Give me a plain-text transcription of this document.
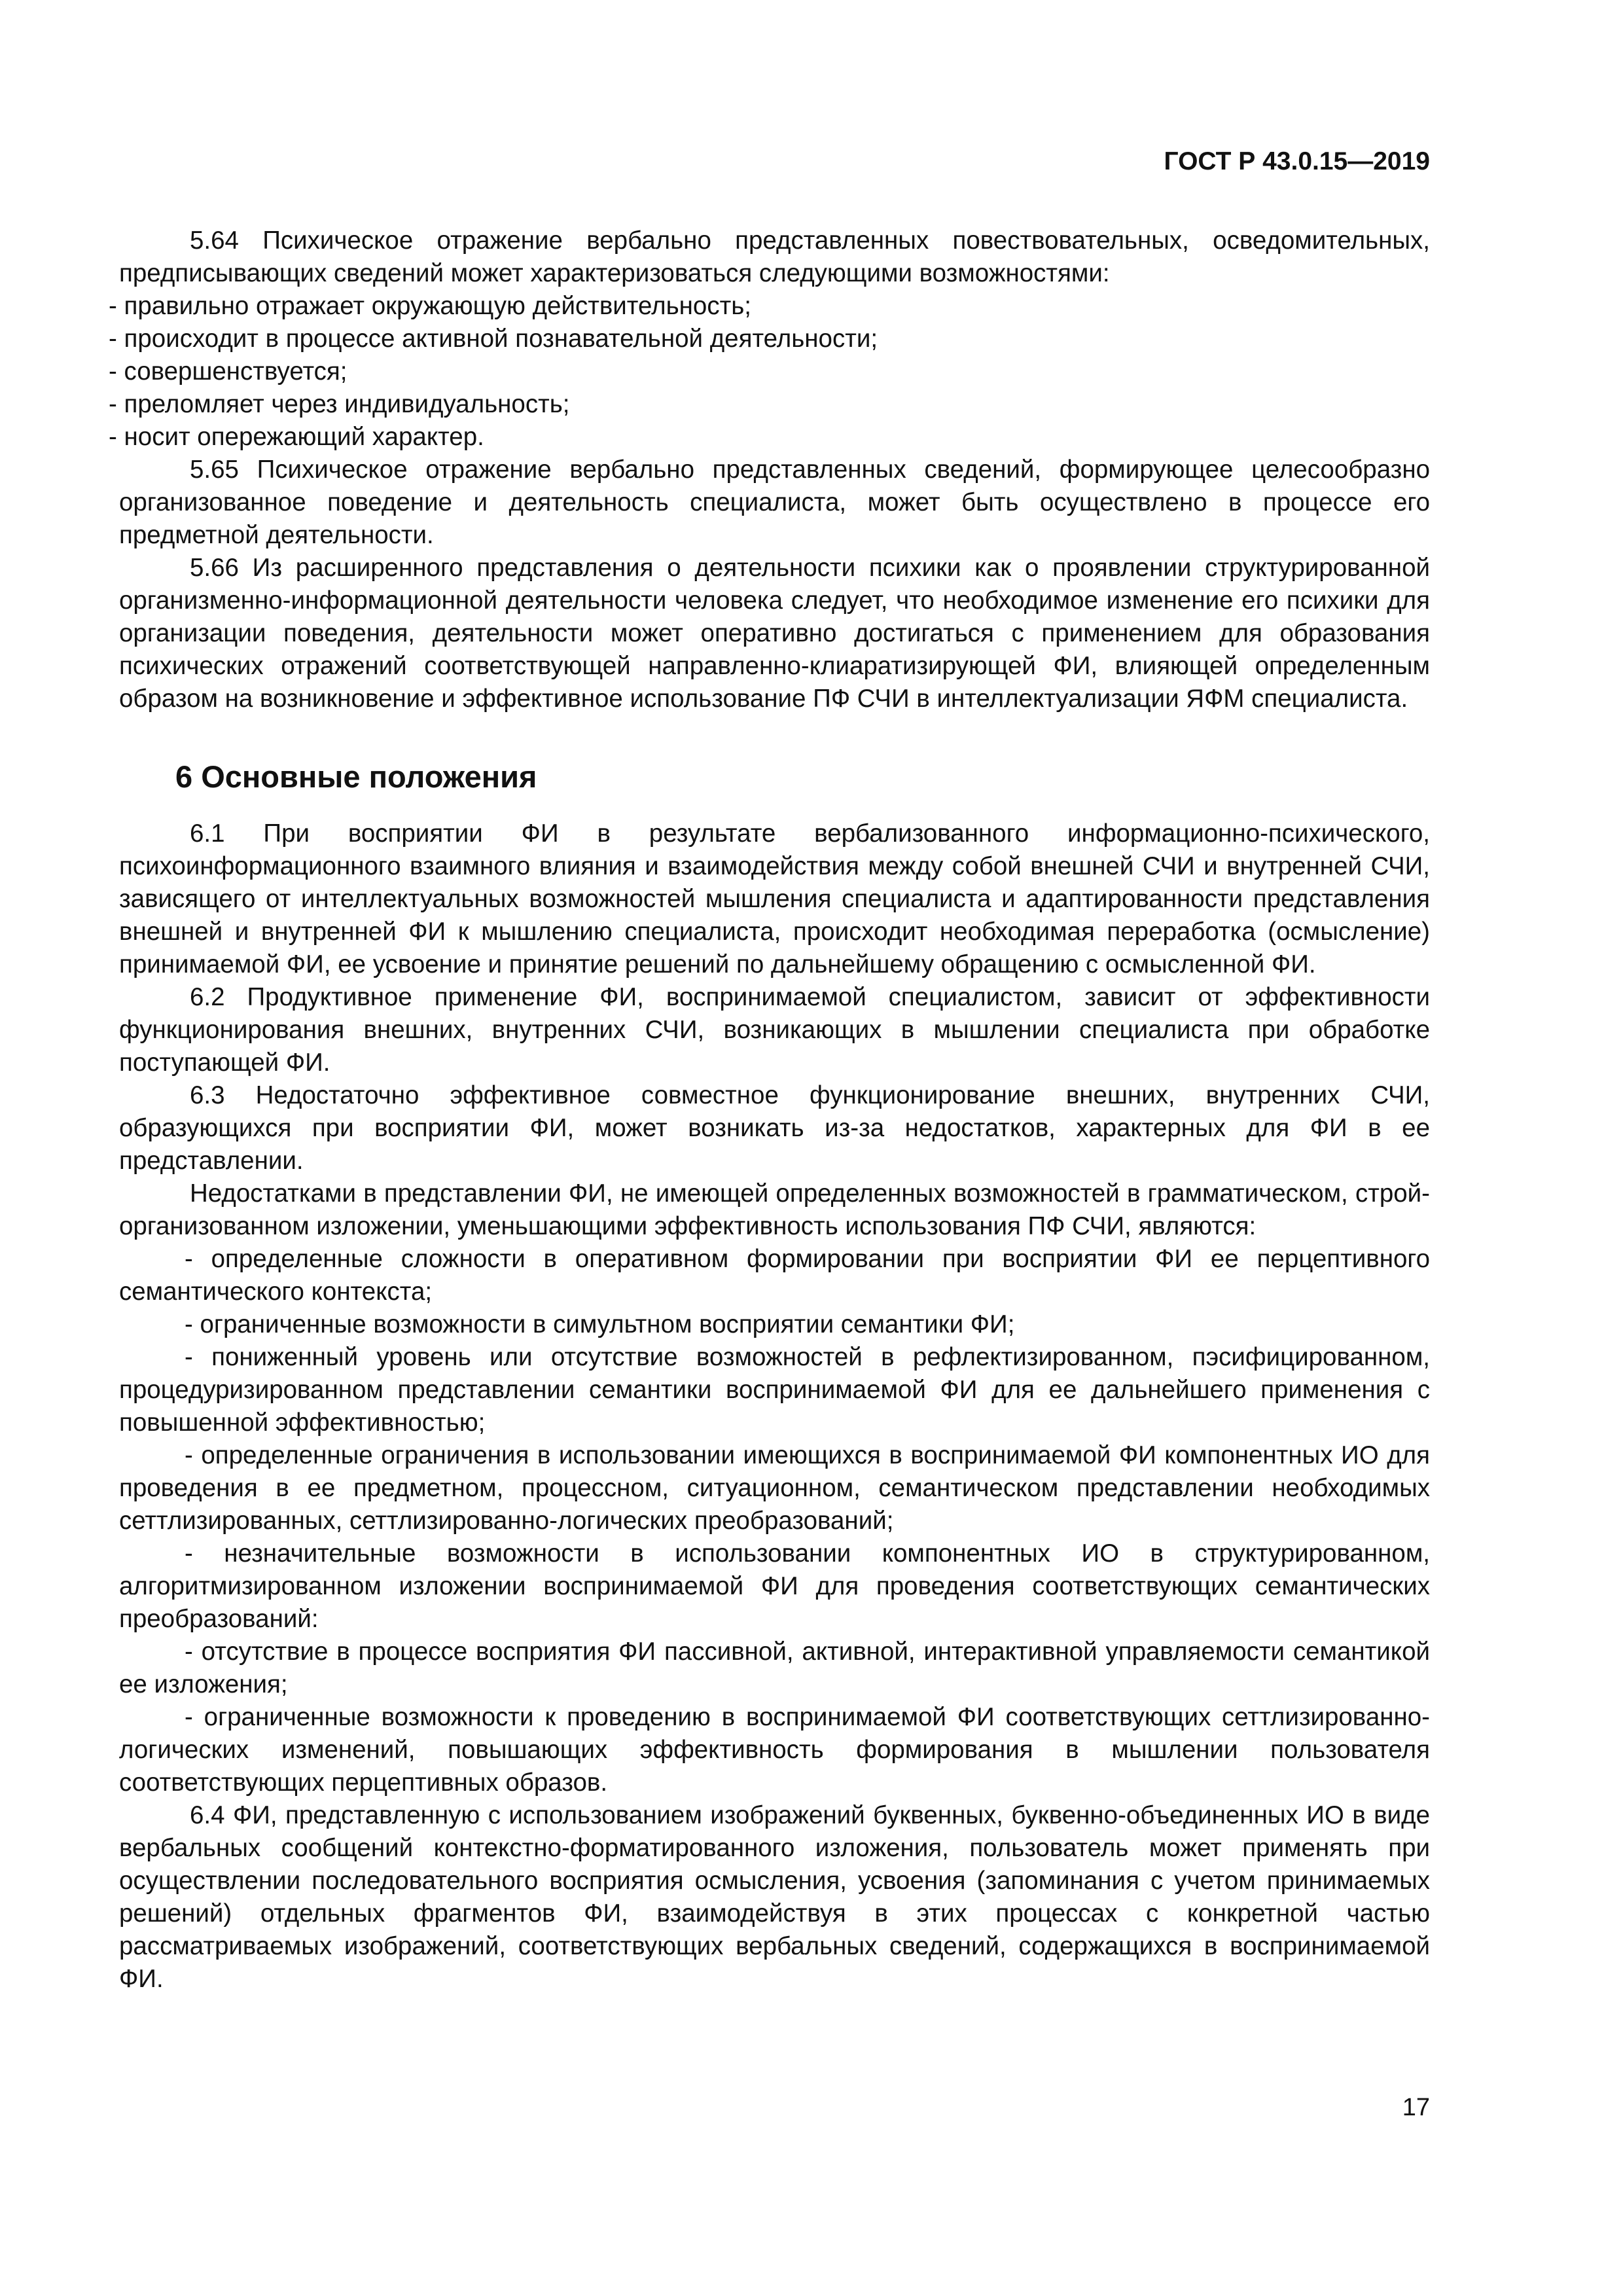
ГОСТ Р 43.0.15—2019

5.64 Психическое отражение вербально представленных повествовательных, осведомительных, предписывающих сведений может характеризоваться следующими возможностями:

- правильно отражает окружающую действительность;

- происходит в процессе активной познавательной деятельности;

- совершенствуется;

- преломляет через индивидуальность;

- носит опережающий характер.

5.65 Психическое отражение вербально представленных сведений, формирующее целесообразно организованное поведение и деятельность специалиста, может быть осуществлено в процессе его предметной деятельности.

5.66 Из расширенного представления о деятельности психики как о проявлении структурированной организменно-информационной деятельности человека следует, что необходимое изменение его психики для организации поведения, деятельности может оперативно достигаться с применением для образования психических отражений соответствующей направленно-клиаратизирующей ФИ, влияющей определенным образом на возникновение и эффективное использование ПФ СЧИ в интеллектуализации ЯФМ специалиста.

6 Основные положения

6.1 При восприятии ФИ в результате вербализованного информационно-психического, психоинформационного взаимного влияния и взаимодействия между собой внешней СЧИ и внутренней СЧИ, зависящего от интеллектуальных возможностей мышления специалиста и адаптированности представления внешней и внутренней ФИ к мышлению специалиста, происходит необходимая переработка (осмысление) принимаемой ФИ, ее усвоение и принятие решений по дальнейшему обращению с осмысленной ФИ.

6.2 Продуктивное применение ФИ, воспринимаемой специалистом, зависит от эффективности функционирования внешних, внутренних СЧИ, возникающих в мышлении специалиста при обработке поступающей ФИ.

6.3 Недостаточно эффективное совместное функционирование внешних, внутренних СЧИ, образующихся при восприятии ФИ, может возникать из-за недостатков, характерных для ФИ в ее представлении.

Недостатками в представлении ФИ, не имеющей определенных возможностей в грамматическом, строй-организованном изложении, уменьшающими эффективность использования ПФ СЧИ, являются:

- определенные сложности в оперативном формировании при восприятии ФИ ее перцептивного семантического контекста;

- ограниченные возможности в симультном восприятии семантики ФИ;

- пониженный уровень или отсутствие возможностей в рефлектизированном, пэсифицированном, процедуризированном представлении семантики воспринимаемой ФИ для ее дальнейшего применения с повышенной эффективностью;

- определенные ограничения в использовании имеющихся в воспринимаемой ФИ компонентных ИО для проведения в ее предметном, процессном, ситуационном, семантическом представлении необходимых сеттлизированных, сеттлизированно-логических преобразований;

- незначительные возможности в использовании компонентных ИО в структурированном, алгоритмизированном изложении воспринимаемой ФИ для проведения соответствующих семантических преобразований:

- отсутствие в процессе восприятия ФИ пассивной, активной, интерактивной управляемости семантикой ее изложения;

- ограниченные возможности к проведению в воспринимаемой ФИ соответствующих сеттлизированно-логических изменений, повышающих эффективность формирования в мышлении пользователя соответствующих перцептивных образов.

6.4 ФИ, представленную с использованием изображений буквенных, буквенно-объединенных ИО в виде вербальных сообщений контекстно-форматированного изложения, пользователь может применять при осуществлении последовательного восприятия осмысления, усвоения (запоминания с учетом принимаемых решений) отдельных фрагментов ФИ, взаимодействуя в этих процессах с конкретной частью рассматриваемых изображений, соответствующих вербальных сведений, содержащихся в воспринимаемой ФИ.

17
